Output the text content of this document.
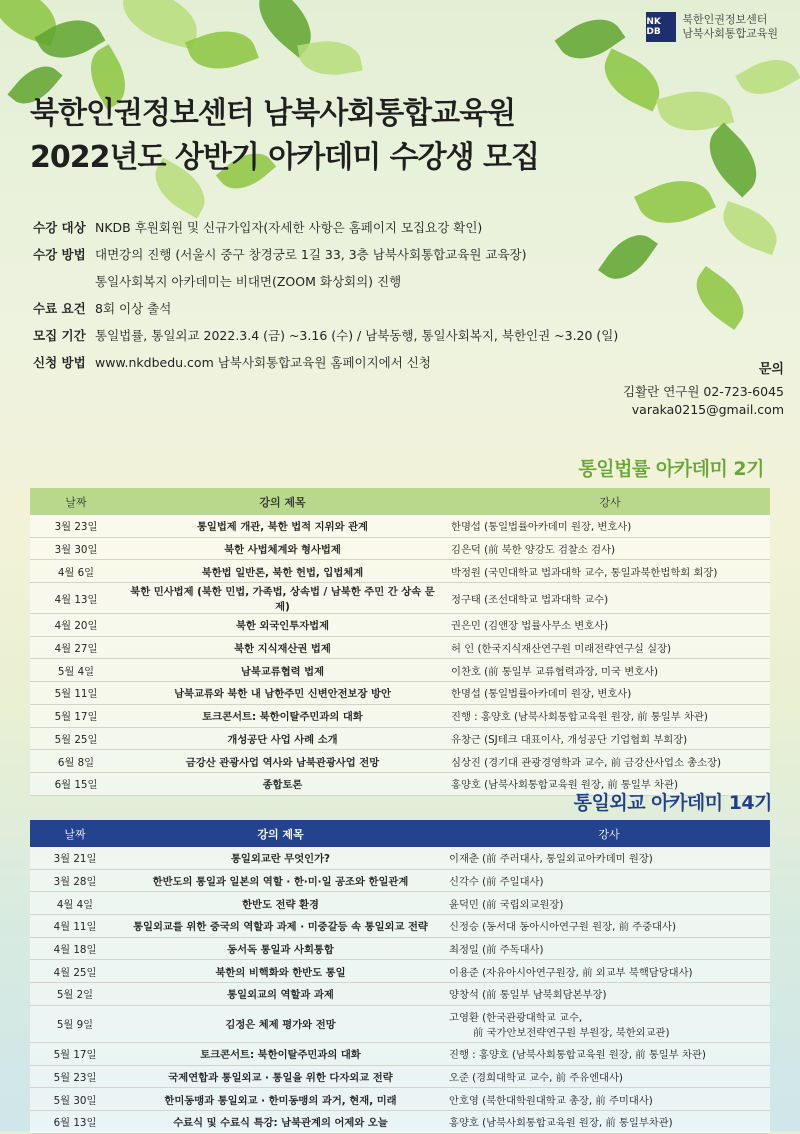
NK DB
북한인권정보센터
남북사회통합교육원
북한인권정보센터 남북사회통합교육원
2022년도 상반기 아카데미 수강생 모집
수강 대상 NKDB 후원회원 및 신규가입자(자세한 사항은 홈페이지 모집요강 확인)
수강 방법 대면강의 진행 (서울시 중구 창경궁로 1길 33, 3층 남북사회통합교육원 교육장)
통일사회복지 아카데미는 비대면(ZOOM 화상회의) 진행
수료 요건 8회 이상 출석
모집 기간 통일법률, 통일외교 2022.3.4 (금) ~3.16 (수) / 남북동행, 통일사회복지, 북한인권 ~3.20 (일)
신청 방법 www.nkdbedu.com 남북사회통합교육원 홈페이지에서 신청	문의
김활란 연구원 02-723-6045
varaka0215@gmail.com
통일법률 아카데미 2기
날짜	강의 제목	강사
3월 23일	통일법제 개관, 북한 법적 지위와 관계	한명섭 (통일법률아카데미 원장, 변호사)
3월 30일	북한 사법체계와 형사법제	김은덕 (前 북한 양강도 검찰소 검사)
4월 6일	북한법 일반론, 북한 헌법, 입법체계	박정원 (국민대학교 법과대학 교수, 통일과북한법학회 회장)
4월 13일	북한 민사법제 (북한 민법, 가족법, 상속법 / 남북한 주민 간 상속 문제)	정구태 (조선대학교 법과대학 교수)
4월 20일	북한 외국인투자법제	권은민 (김앤장 법률사무소 변호사)
4월 27일	북한 지식재산권 법제	허 인 (한국지식재산연구원 미래전략연구실 실장)
5월 4일	남북교류협력 법제	이찬호 (前 통일부 교류협력과장, 미국 변호사)
5월 11일	남북교류와 북한 내 남한주민 신변안전보장 방안	한명섭 (통일법률아카데미 원장, 변호사)
5월 17일	토크콘서트: 북한이탈주민과의 대화	진행 : 홍양호 (남북사회통합교육원 원장, 前 통일부 차관)
5월 25일	개성공단 사업 사례 소개	유창근 (SJ테크 대표이사, 개성공단 기업협회 부회장)
6월 8일	금강산 관광사업 역사와 남북관광사업 전망	심상진 (경기대 관광경영학과 교수, 前 금강산사업소 총소장)
6월 15일	종합토론	홍양호 (남북사회통합교육원 원장, 前 통일부 차관)
통일외교 아카데미 14기
날짜	강의 제목	강사
3월 21일	통일외교란 무엇인가?	이재춘 (前 주러대사, 통일외교아카데미 원장)
3월 28일	한반도의 통일과 일본의 역할 · 한·미·일 공조와 한일관계	신각수 (前 주일대사)
4월 4일	한반도 전략 환경	윤덕민 (前 국립외교원장)
4월 11일	통일외교를 위한 중국의 역할과 과제 · 미중갈등 속 통일외교 전략	신정승 (동서대 동아시아연구원 원장, 前 주중대사)
4월 18일	동서독 통일과 사회통합	최정일 (前 주독대사)
4월 25일	북한의 비핵화와 한반도 통일	이용준 (자유아시아연구원장, 前 외교부 북핵담당대사)
5월 2일	통일외교의 역할과 과제	양창석 (前 통일부 남북회담본부장)
5월 9일	김정은 체제 평가와 전망	고영환 (한국관광대학교 교수,
前 국가안보전략연구원 부원장, 북한외교관)

5월 17일	토크콘서트: 북한이탈주민과의 대화	진행 : 홍양호 (남북사회통합교육원 원장, 前 통일부 차관)
5월 23일	국제연합과 통일외교 · 통일을 위한 다자외교 전략	오준 (경희대학교 교수, 前 주유엔대사)
5월 30일	한미동맹과 통일외교 · 한미동맹의 과거, 현재, 미래	안호영 (북한대학원대학교 총장, 前 주미대사)
6월 13일	수료식 및 수료식 특강: 남북관계의 어제와 오늘	홍양호 (남북사회통합교육원 원장, 前 통일부차관)
